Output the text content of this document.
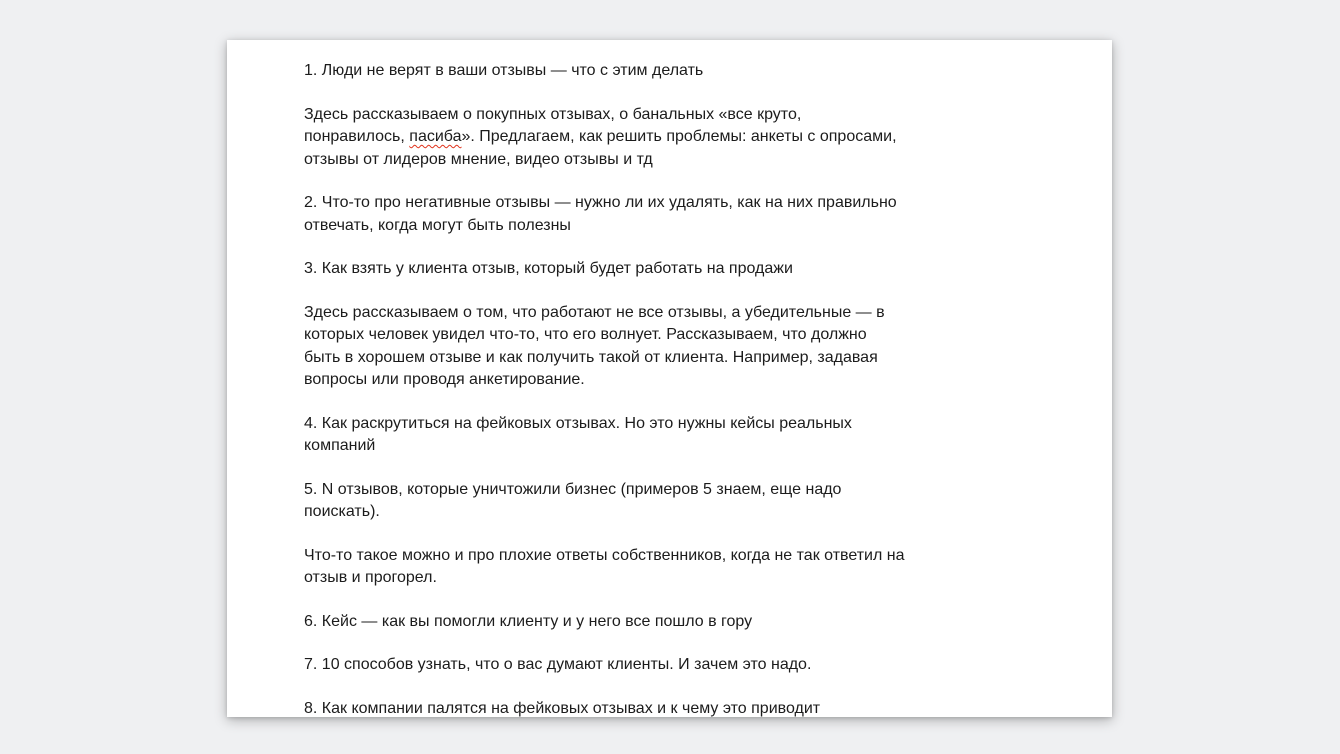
1. Люди не верят в ваши отзывы — что с этим делать

Здесь рассказываем о покупных отзывах, о банальных «все круто,
понравилось, пасиба». Предлагаем, как решить проблемы: анкеты с опросами,
отзывы от лидеров мнение, видео отзывы и тд

2. Что-то про негативные отзывы — нужно ли их удалять, как на них правильно
отвечать, когда могут быть полезны

3. Как взять у клиента отзыв, который будет работать на продажи

Здесь рассказываем о том, что работают не все отзывы, а убедительные — в
которых человек увидел что-то, что его волнует. Рассказываем, что должно
быть в хорошем отзыве и как получить такой от клиента. Например, задавая
вопросы или проводя анкетирование.

4. Как раскрутиться на фейковых отзывах. Но это нужны кейсы реальных
компаний

5. N отзывов, которые уничтожили бизнес (примеров 5 знаем, еще надо
поискать).

Что-то такое можно и про плохие ответы собственников, когда не так ответил на
отзыв и прогорел.

6. Кейс — как вы помогли клиенту и у него все пошло в гору

7. 10 способов узнать, что о вас думают клиенты. И зачем это надо.

8. Как компании палятся на фейковых отзывах и к чему это приводит
